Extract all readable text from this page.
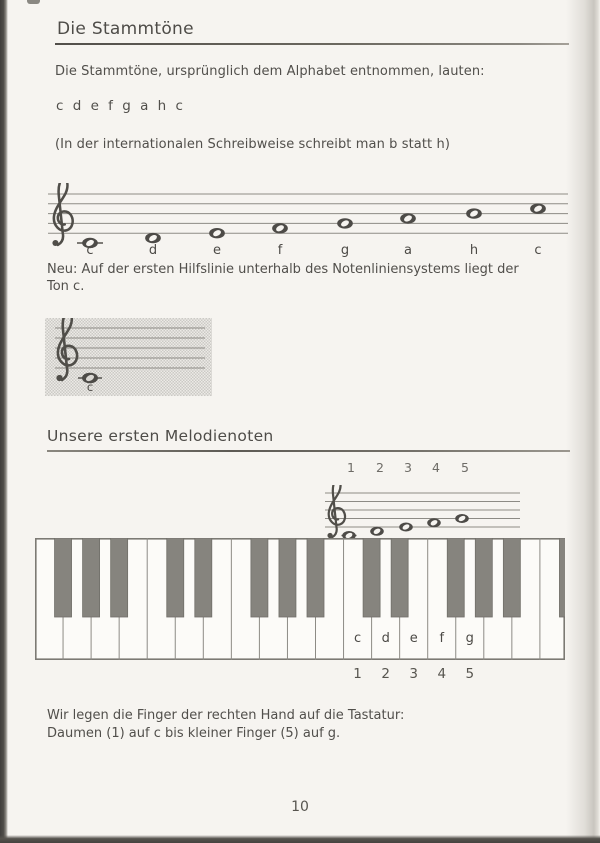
Die Stammtöne
Die Stammtöne, ursprünglich dem Alphabet entnommen, lauten:
c d e f g a h c
(In der internationalen Schreibweise schreibt man b statt h)
c	d	e	f	g	a	h	c
Neu: Auf der ersten Hilfslinie unterhalb des Notenliniensystems liegt der
Ton c.
c
Unsere ersten Melodienoten
1	2	3	4	5
c d e f g
1	2	3	4	5
Wir legen die Finger der rechten Hand auf die Tastatur:
Daumen (1) auf c bis kleiner Finger (5) auf g.
10
